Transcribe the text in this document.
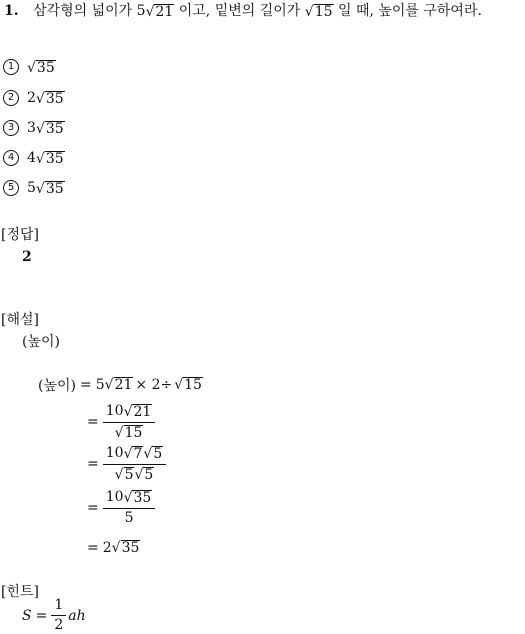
1. 삼각형의 넓이가 5 √ 21 이고, 밑변의 길이가 √ 15 일 때, 높이를 구하여라.
1 √ 35
2 2 √ 35
3 3 √ 35
4 4 √ 35
5 5 √ 35
[정답]
2
[해설]
(높이)
(높이) = 5 √ 21 × 2÷ √ 15
= $\frac{10 √ 21}{√ 15}$
= $\frac{10 √ 7 √ 5}{√ 5 √ 5}$
= $\frac{10 √ 35}{5}$
= 2 √ 35
[힌트]
$S = \frac{1}{2}$ ah
